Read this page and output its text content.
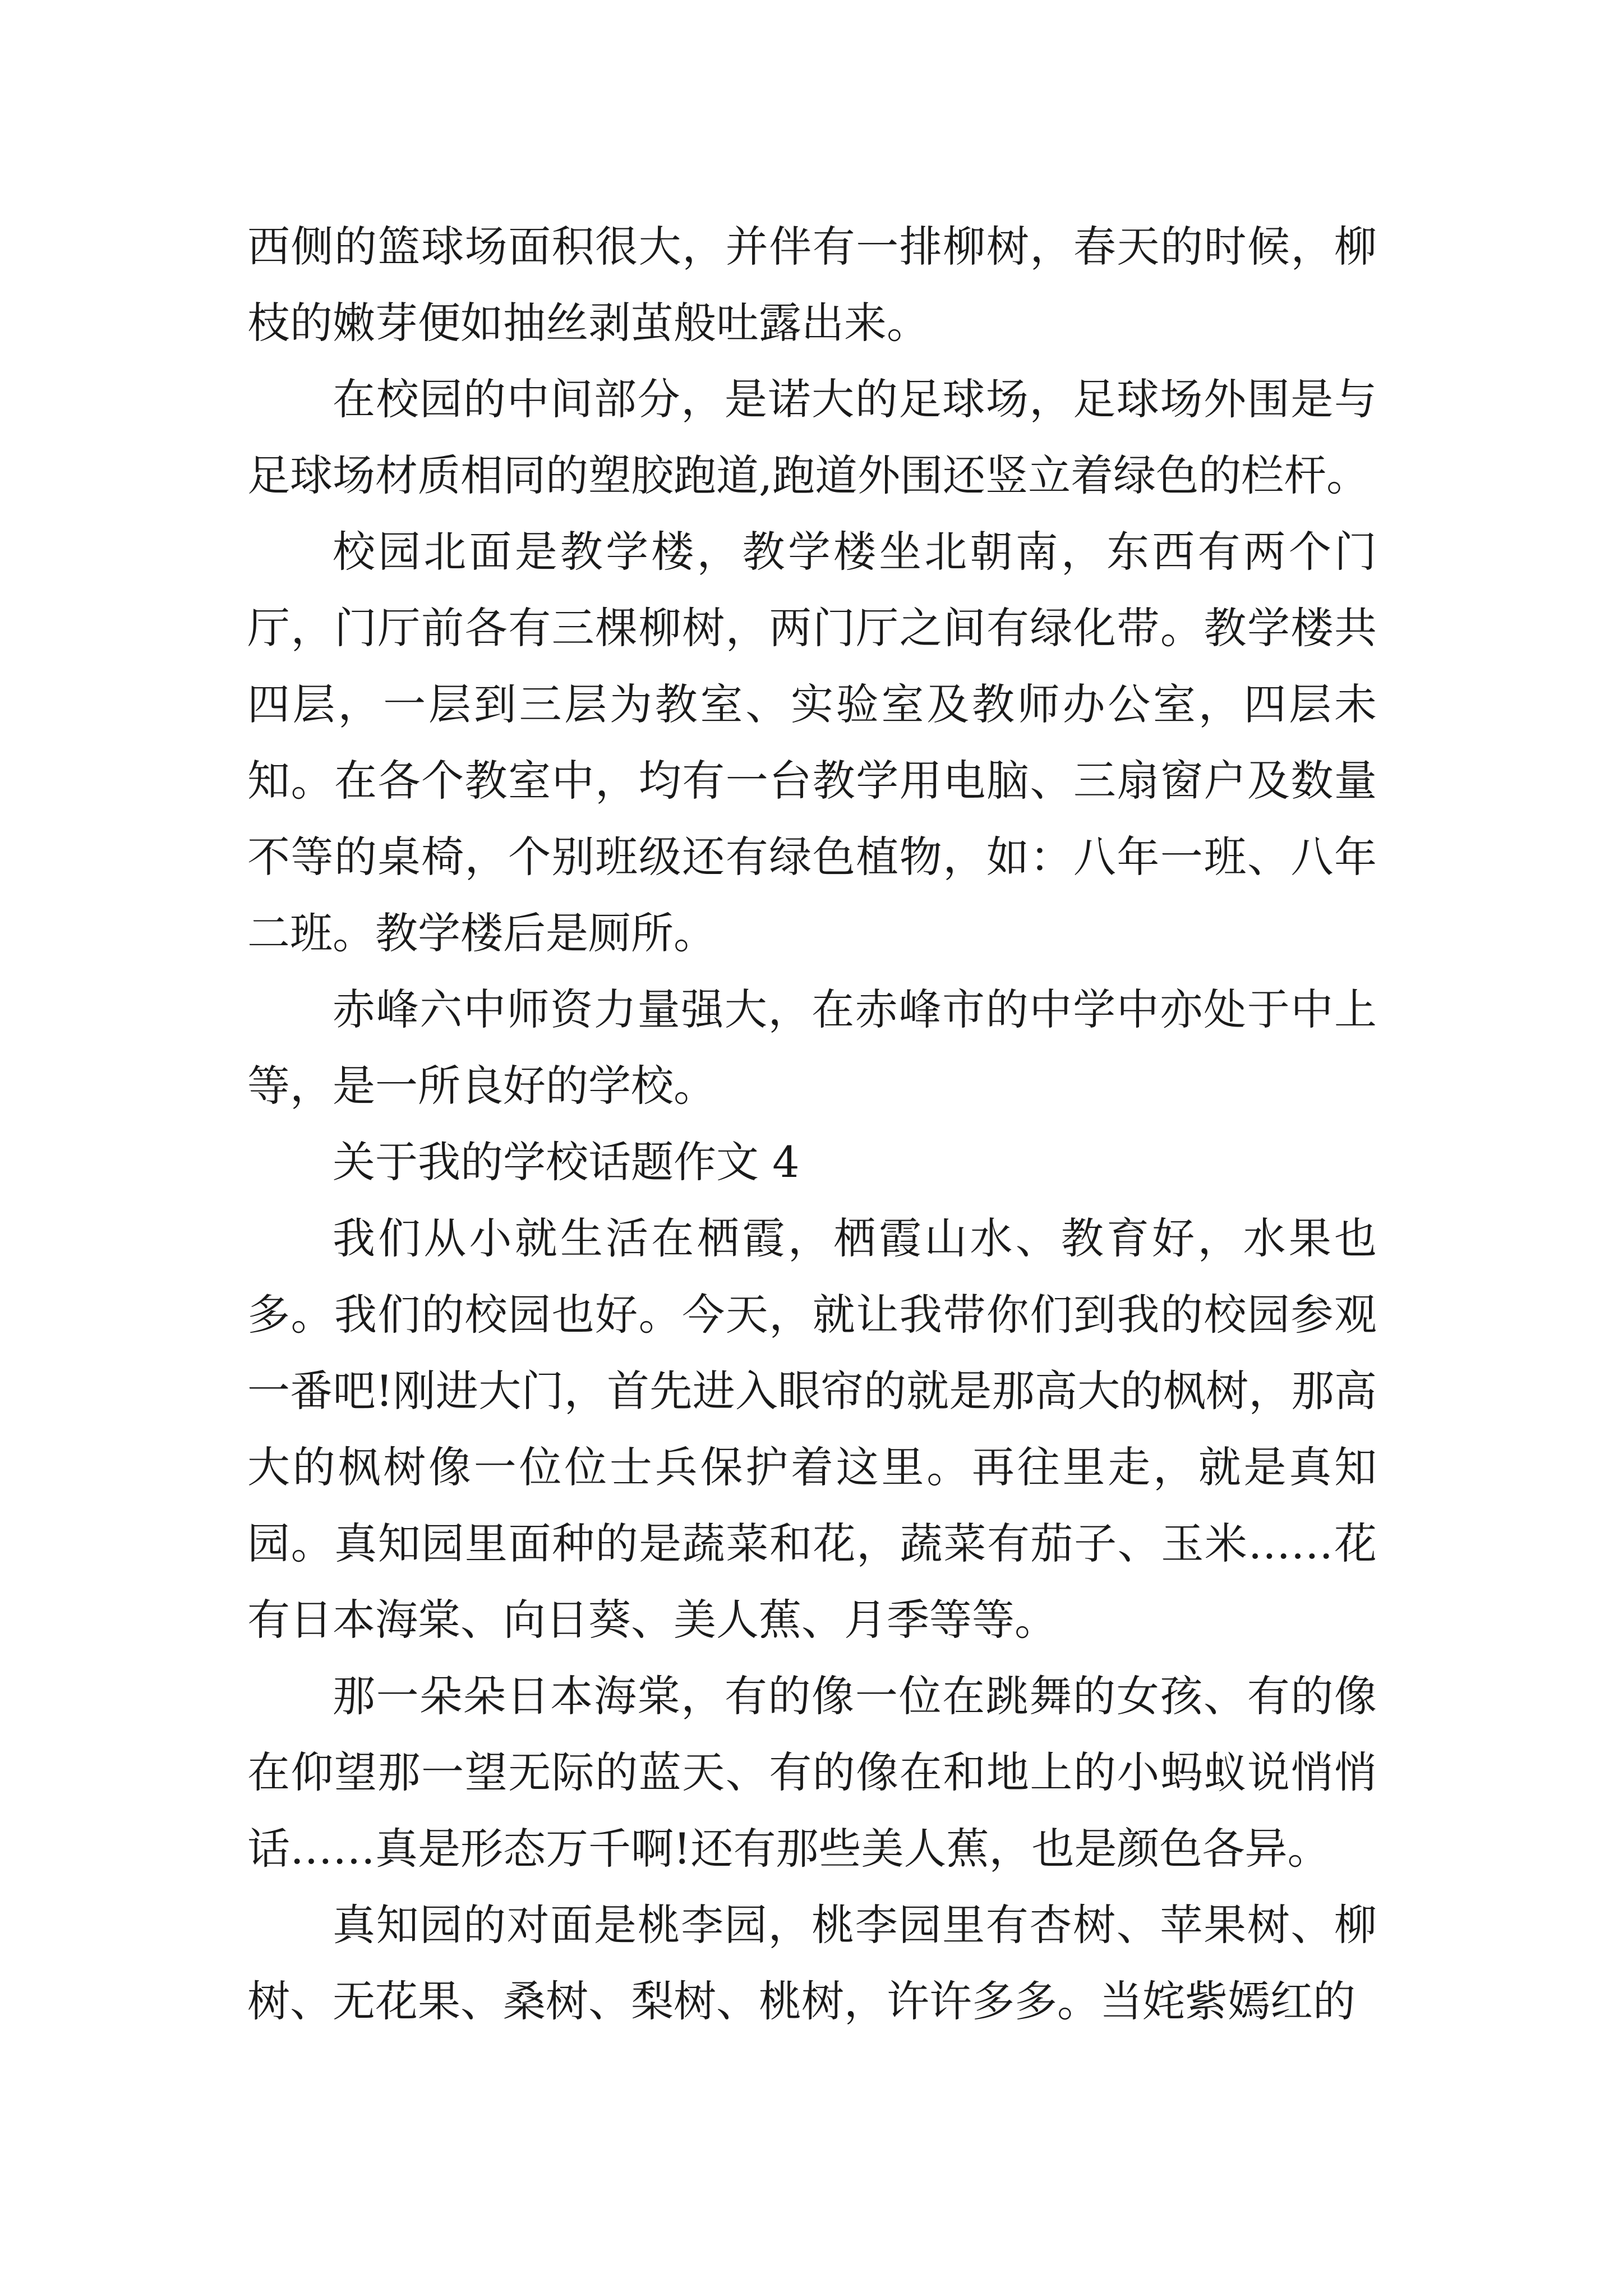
西侧的篮球场面积很大，并伴有一排柳树，春天的时候，柳枝的嫩芽便如抽丝剥茧般吐露出来。

在校园的中间部分，是诺大的足球场，足球场外围是与足球场材质相同的塑胶跑道,跑道外围还竖立着绿色的栏杆。

校园北面是教学楼，教学楼坐北朝南，东西有两个门厅，门厅前各有三棵柳树，两门厅之间有绿化带。教学楼共四层，一层到三层为教室、实验室及教师办公室，四层未知。在各个教室中，均有一台教学用电脑、三扇窗户及数量不等的桌椅，个别班级还有绿色植物，如：八年一班、八年二班。教学楼后是厕所。

赤峰六中师资力量强大，在赤峰市的中学中亦处于中上等，是一所良好的学校。

关于我的学校话题作文 4

我们从小就生活在栖霞，栖霞山水、教育好，水果也多。我们的校园也好。今天，就让我带你们到我的校园参观一番吧!刚进大门，首先进入眼帘的就是那高大的枫树，那高大的枫树像一位位士兵保护着这里。再往里走，就是真知园。真知园里面种的是蔬菜和花，蔬菜有茄子、玉米……花有日本海棠、向日葵、美人蕉、月季等等。

那一朵朵日本海棠，有的像一位在跳舞的女孩、有的像在仰望那一望无际的蓝天、有的像在和地上的小蚂蚁说悄悄话……真是形态万千啊!还有那些美人蕉，也是颜色各异。

真知园的对面是桃李园，桃李园里有杏树、苹果树、柳树、无花果、桑树、梨树、桃树，许许多多。当姹紫嫣红的
